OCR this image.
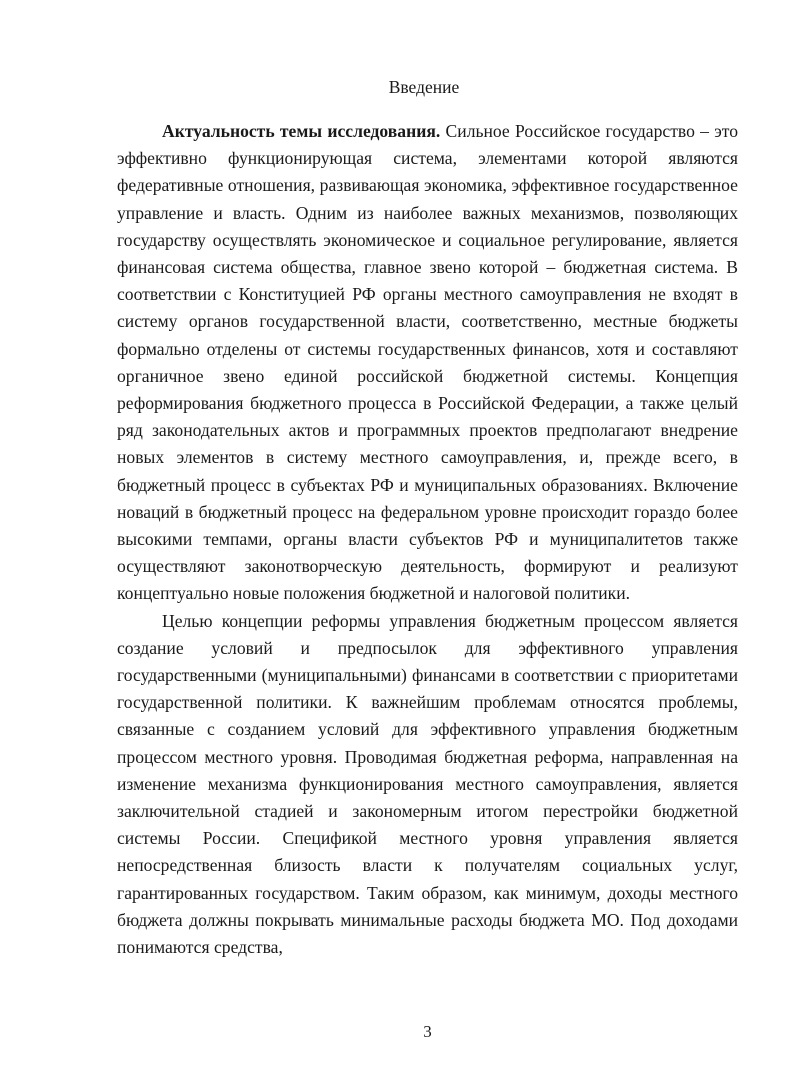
Введение

Актуальность темы исследования. Сильное Российское государство – это эффективно функционирующая система, элементами которой являются федеративные отношения, развивающая экономика, эффективное государственное управление и власть. Одним из наиболее важных механизмов, позволяющих государству осуществлять экономическое и социальное регулирование, является финансовая система общества, главное звено которой – бюджетная система. В соответствии с Конституцией РФ органы местного самоуправления не входят в систему органов государственной власти, соответственно, местные бюджеты формально отделены от системы государственных финансов, хотя и составляют органичное звено единой российской бюджетной системы. Концепция реформирования бюджетного процесса в Российской Федерации, а также целый ряд законодательных актов и программных проектов предполагают внедрение новых элементов в систему местного самоуправления, и, прежде всего, в бюджетный процесс в субъектах РФ и муниципальных образованиях. Включение новаций в бюджетный процесс на федеральном уровне происходит гораздо более высокими темпами, органы власти субъектов РФ и муниципалитетов также осуществляют законотворческую деятельность, формируют и реализуют концептуально новые положения бюджетной и налоговой политики.

Целью концепции реформы управления бюджетным процессом является создание условий и предпосылок для эффективного управления государственными (муниципальными) финансами в соответствии с приоритетами государственной политики. К важнейшим проблемам относятся проблемы, связанные с созданием условий для эффективного управления бюджетным процессом местного уровня. Проводимая бюджетная реформа, направленная на изменение механизма функционирования местного самоуправления, является заключительной стадией и закономерным итогом перестройки бюджетной системы России. Спецификой местного уровня управления является непосредственная близость власти к получателям социальных услуг, гарантированных государством. Таким образом, как минимум, доходы местного бюджета должны покрывать минимальные расходы бюджета МО. Под доходами понимаются средства,

3
